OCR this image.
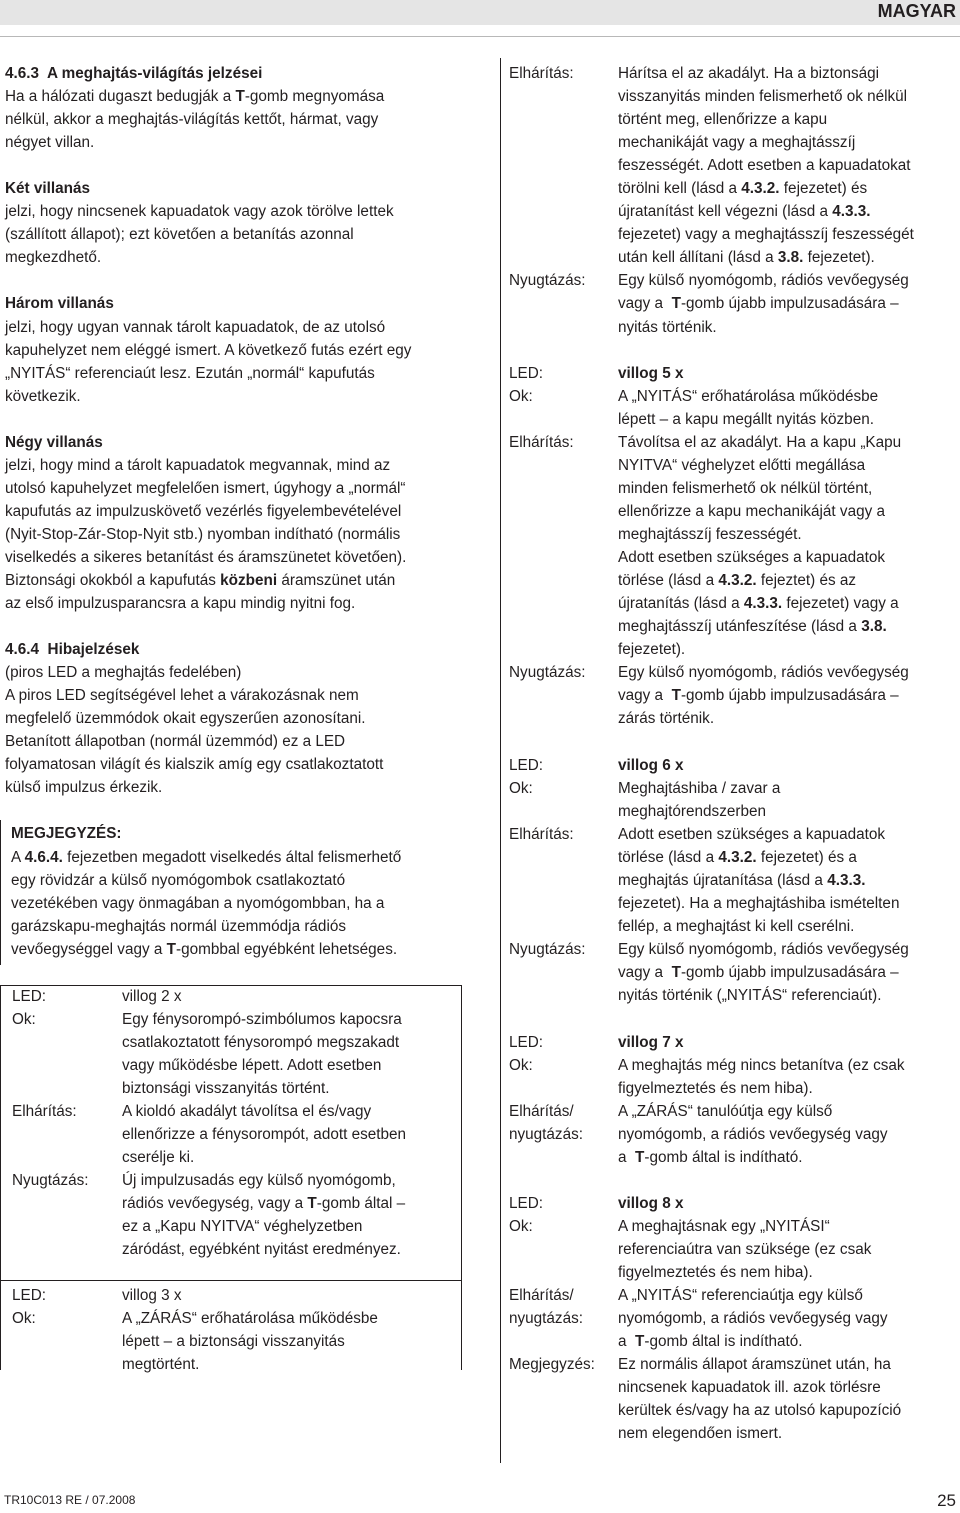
MAGYAR
4.6.3  A meghajtás-világítás jelzései
Ha a hálózati dugaszt bedugják a T-gomb megnyomása
nélkül, akkor a meghajtás-világítás kettőt, hármat, vagy
négyet villan.
Két villanás
jelzi, hogy nincsenek kapuadatok vagy azok törölve lettek
(szállított állapot); ezt követően a betanítás azonnal
megkezdhető.
Három villanás
jelzi, hogy ugyan vannak tárolt kapuadatok, de az utolsó
kapuhelyzet nem eléggé ismert. A következő futás ezért egy
„NYITÁS“ referenciaút lesz. Ezután „normál“ kapufutás
következik.
Négy villanás
jelzi, hogy mind a tárolt kapuadatok megvannak, mind az
utolsó kapuhelyzet megfelelően ismert, úgyhogy a „normál“
kapufutás az impulzuskövető vezérlés figyelembevételével
(Nyit-Stop-Zár-Stop-Nyit stb.) nyomban indítható (normális
viselkedés a sikeres betanítást és áramszünetet követően).
Biztonsági okokból a kapufutás közbeni áramszünet után
az első impulzusparancsra a kapu mindig nyitni fog.
4.6.4  Hibajelzések
(piros LED a meghajtás fedelében)
A piros LED segítségével lehet a várakozásnak nem
megfelelő üzemmódok okait egyszerűen azonosítani.
Betanított állapotban (normál üzemmód) ez a LED
folyamatosan világít és kialszik amíg egy csatlakoztatott
külső impulzus érkezik.
MEGJEGYZÉS:
A 4.6.4. fejezetben megadott viselkedés által felismerhető
egy rövidzár a külső nyomógombok csatlakoztató
vezetékében vagy önmagában a nyomógombban, ha a
garázskapu-meghajtás normál üzemmódja rádiós
vevőegységgel vagy a T-gombbal egyébként lehetséges.
LED:	villog 2 x
Ok:	Egy fénysorompó-szimbólumos kapocsra
csatlakoztatott fénysorompó megszakadt
vagy működésbe lépett. Adott esetben
biztonsági visszanyitás történt.
Elhárítás:	A kioldó akadályt távolítsa el és/vagy
ellenőrizze a fénysorompót, adott esetben
cserélje ki.
Nyugtázás: Új impulzusadás egy külső nyomógomb,
rádiós vevőegység, vagy a T-gomb által –
ez a „Kapu NYITVA“ véghelyzetben
záródást, egyébként nyitást eredményez.
LED:	villog 3 x
Ok:	A „ZÁRÁS“ erőhatárolása működésbe
lépett – a biztonsági visszanyitás
megtörtént.
Elhárítás:	Hárítsa el az akadályt. Ha a biztonsági
visszanyitás minden felismerhető ok nélkül
történt meg, ellenőrizze a kapu
mechanikáját vagy a meghajtásszíj
feszességét. Adott esetben a kapuadatokat
törölni kell (lásd a 4.3.2. fejezetet) és
újratanítást kell végezni (lásd a 4.3.3.
fejezetet) vagy a meghajtásszíj feszességét
után kell állítani (lásd a 3.8. fejezetet).
Nyugtázás: Egy külső nyomógomb, rádiós vevőegység
vagy a  T-gomb újabb impulzusadására –
nyitás történik.
LED:	villog 5 x
Ok:	A „NYITÁS“ erőhatárolása működésbe
lépett – a kapu megállt nyitás közben.
Elhárítás:	Távolítsa el az akadályt. Ha a kapu „Kapu
NYITVA“ véghelyzet előtti megállása
minden felismerhető ok nélkül történt,
ellenőrizze a kapu mechanikáját vagy a
meghajtásszíj feszességét.
Adott esetben szükséges a kapuadatok
törlése (lásd a 4.3.2. fejeztet) és az
újratanítás (lásd a 4.3.3. fejezetet) vagy a
meghajtásszíj utánfeszítése (lásd a 3.8.
fejezetet).
Nyugtázás: Egy külső nyomógomb, rádiós vevőegység
vagy a  T-gomb újabb impulzusadására –
zárás történik.
LED:	villog 6 x
Ok:	Meghajtáshiba / zavar a
meghajtórendszerben
Elhárítás:	Adott esetben szükséges a kapuadatok
törlése (lásd a 4.3.2. fejezetet) és a
meghajtás újratanítása (lásd a 4.3.3.
fejezetet). Ha a meghajtáshiba ismételten
fellép, a meghajtást ki kell cserélni.
Nyugtázás: Egy külső nyomógomb, rádiós vevőegység
vagy a  T-gomb újabb impulzusadására –
nyitás történik („NYITÁS“ referenciaút).
LED:	villog 7 x
Ok:	A meghajtás még nincs betanítva (ez csak
figyelmeztetés és nem hiba).
Elhárítás/
nyugtázás:
A „ZÁRÁS“ tanulóútja egy külső
nyomógomb, a rádiós vevőegység vagy
a  T-gomb által is indítható.
LED:	villog 8 x
Ok:	A meghajtásnak egy „NYITÁSI“
referenciaútra van szüksége (ez csak
figyelmeztetés és nem hiba).
Elhárítás/
nyugtázás:
A „NYITÁS“ referenciaútja egy külső
nyomógomb, a rádiós vevőegység vagy
a  T-gomb által is indítható.
Megjegyzés: Ez normális állapot áramszünet után, ha
nincsenek kapuadatok ill. azok törlésre
kerültek és/vagy ha az utolsó kapupozíció
nem elegendően ismert.
TR10C013 RE / 07.2008	25
